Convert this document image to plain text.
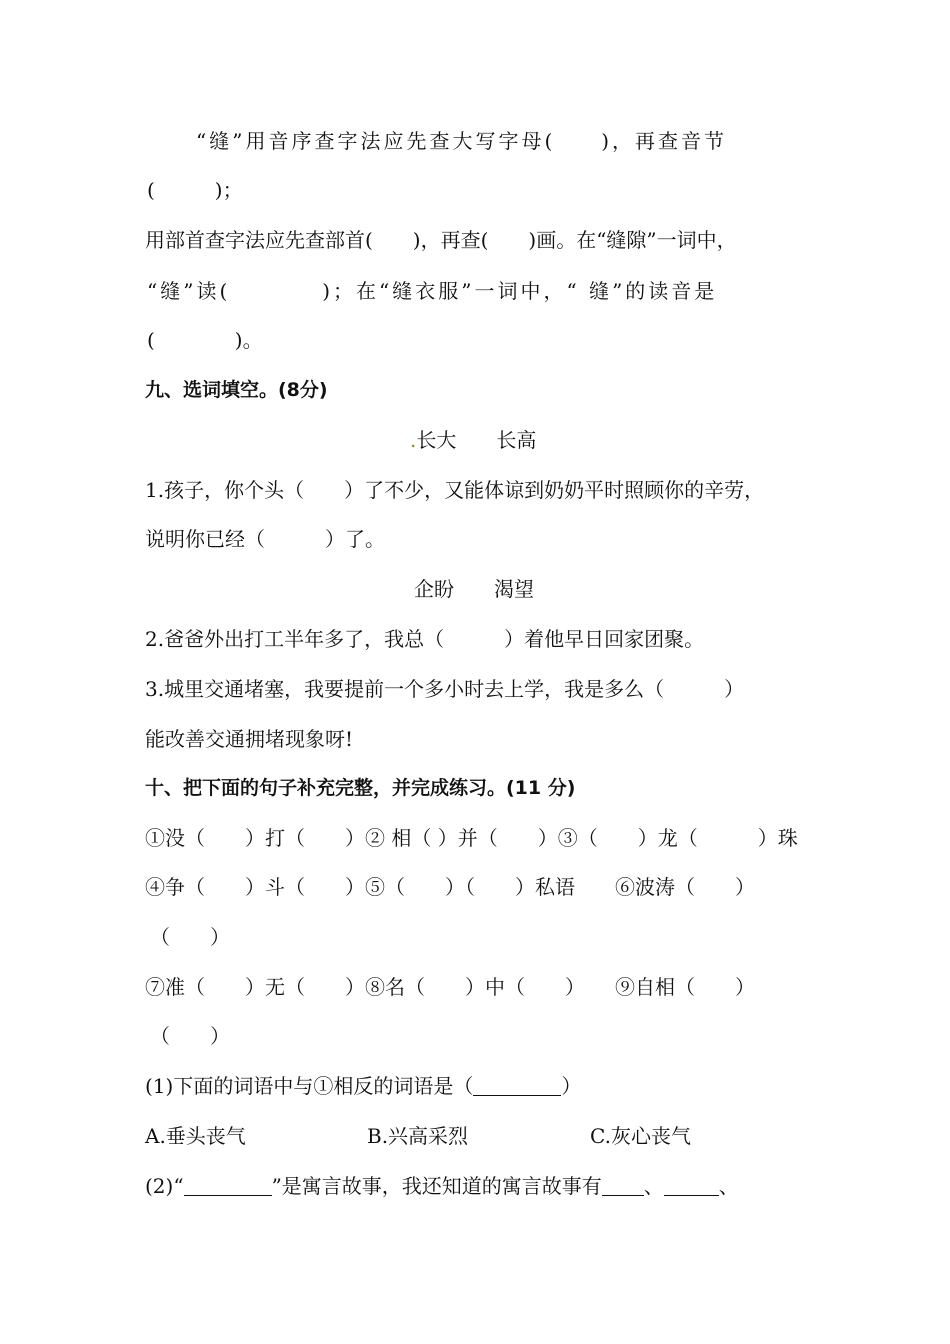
“缝”用音序查字法应先查大写字母(　　)，再查音节
(　　　)；
用部首查字法应先查部首(　　)，再查(　　)画。在“缝隙”一词中，
“缝”读(　　　　)；在“缝衣服”一词中，“ 缝”的读音是
(　　　　)。
九、选词填空。(8分)
.长大　　长高
1.孩子，你个头（　　）了不少，又能体谅到奶奶平时照顾你的辛劳，
说明你已经（　　　）了。
企盼　　渴望
2.爸爸外出打工半年多了，我总（　　　）着他早日回家团聚。
3.城里交通堵塞，我要提前一个多小时去上学，我是多么（　　　）
能改善交通拥堵现象呀!
十、把下面的句子补充完整，并完成练习。(11 分)
①没（　　）打（　　）② 相（ ）并（　　）③（　　）龙（　　　）珠
④争（　　）斗（　　）⑤（　　）（　　）私语　　⑥波涛（　　）
（　　）
⑦准（　　）无（　　）⑧名（　　）中（　　）　　⑨自相（　　）
（　　）
(1)下面的词语中与①相反的词语是（	）
A.垂头丧气	B.兴高采烈	C.灰心丧气
(2)“	”是寓言故事，我还知道的寓言故事有 、	、
